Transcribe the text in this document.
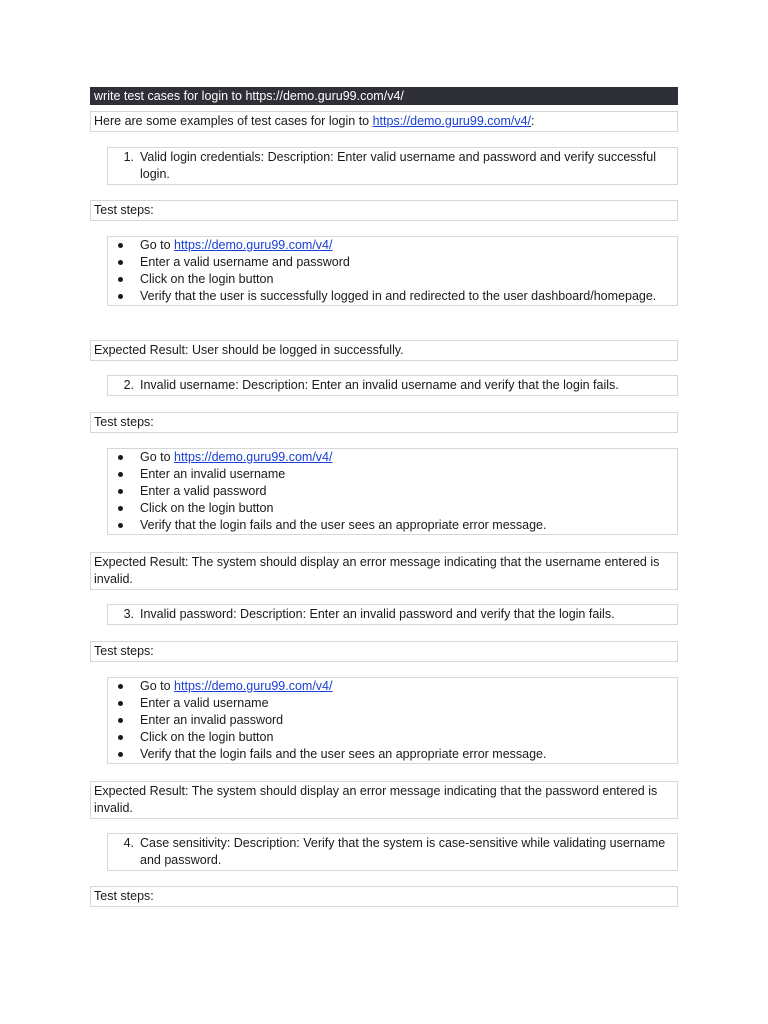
write test cases for login to https://demo.guru99.com/v4/
Here are some examples of test cases for login to https://demo.guru99.com/v4/:
1. Valid login credentials: Description: Enter valid username and password and verify successful login.
Test steps:
Go to https://demo.guru99.com/v4/
Enter a valid username and password
Click on the login button
Verify that the user is successfully logged in and redirected to the user dashboard/homepage.
Expected Result: User should be logged in successfully.
2. Invalid username: Description: Enter an invalid username and verify that the login fails.
Test steps:
Go to https://demo.guru99.com/v4/
Enter an invalid username
Enter a valid password
Click on the login button
Verify that the login fails and the user sees an appropriate error message.
Expected Result: The system should display an error message indicating that the username entered is invalid.
3. Invalid password: Description: Enter an invalid password and verify that the login fails.
Test steps:
Go to https://demo.guru99.com/v4/
Enter a valid username
Enter an invalid password
Click on the login button
Verify that the login fails and the user sees an appropriate error message.
Expected Result: The system should display an error message indicating that the password entered is invalid.
4. Case sensitivity: Description: Verify that the system is case-sensitive while validating username and password.
Test steps:
